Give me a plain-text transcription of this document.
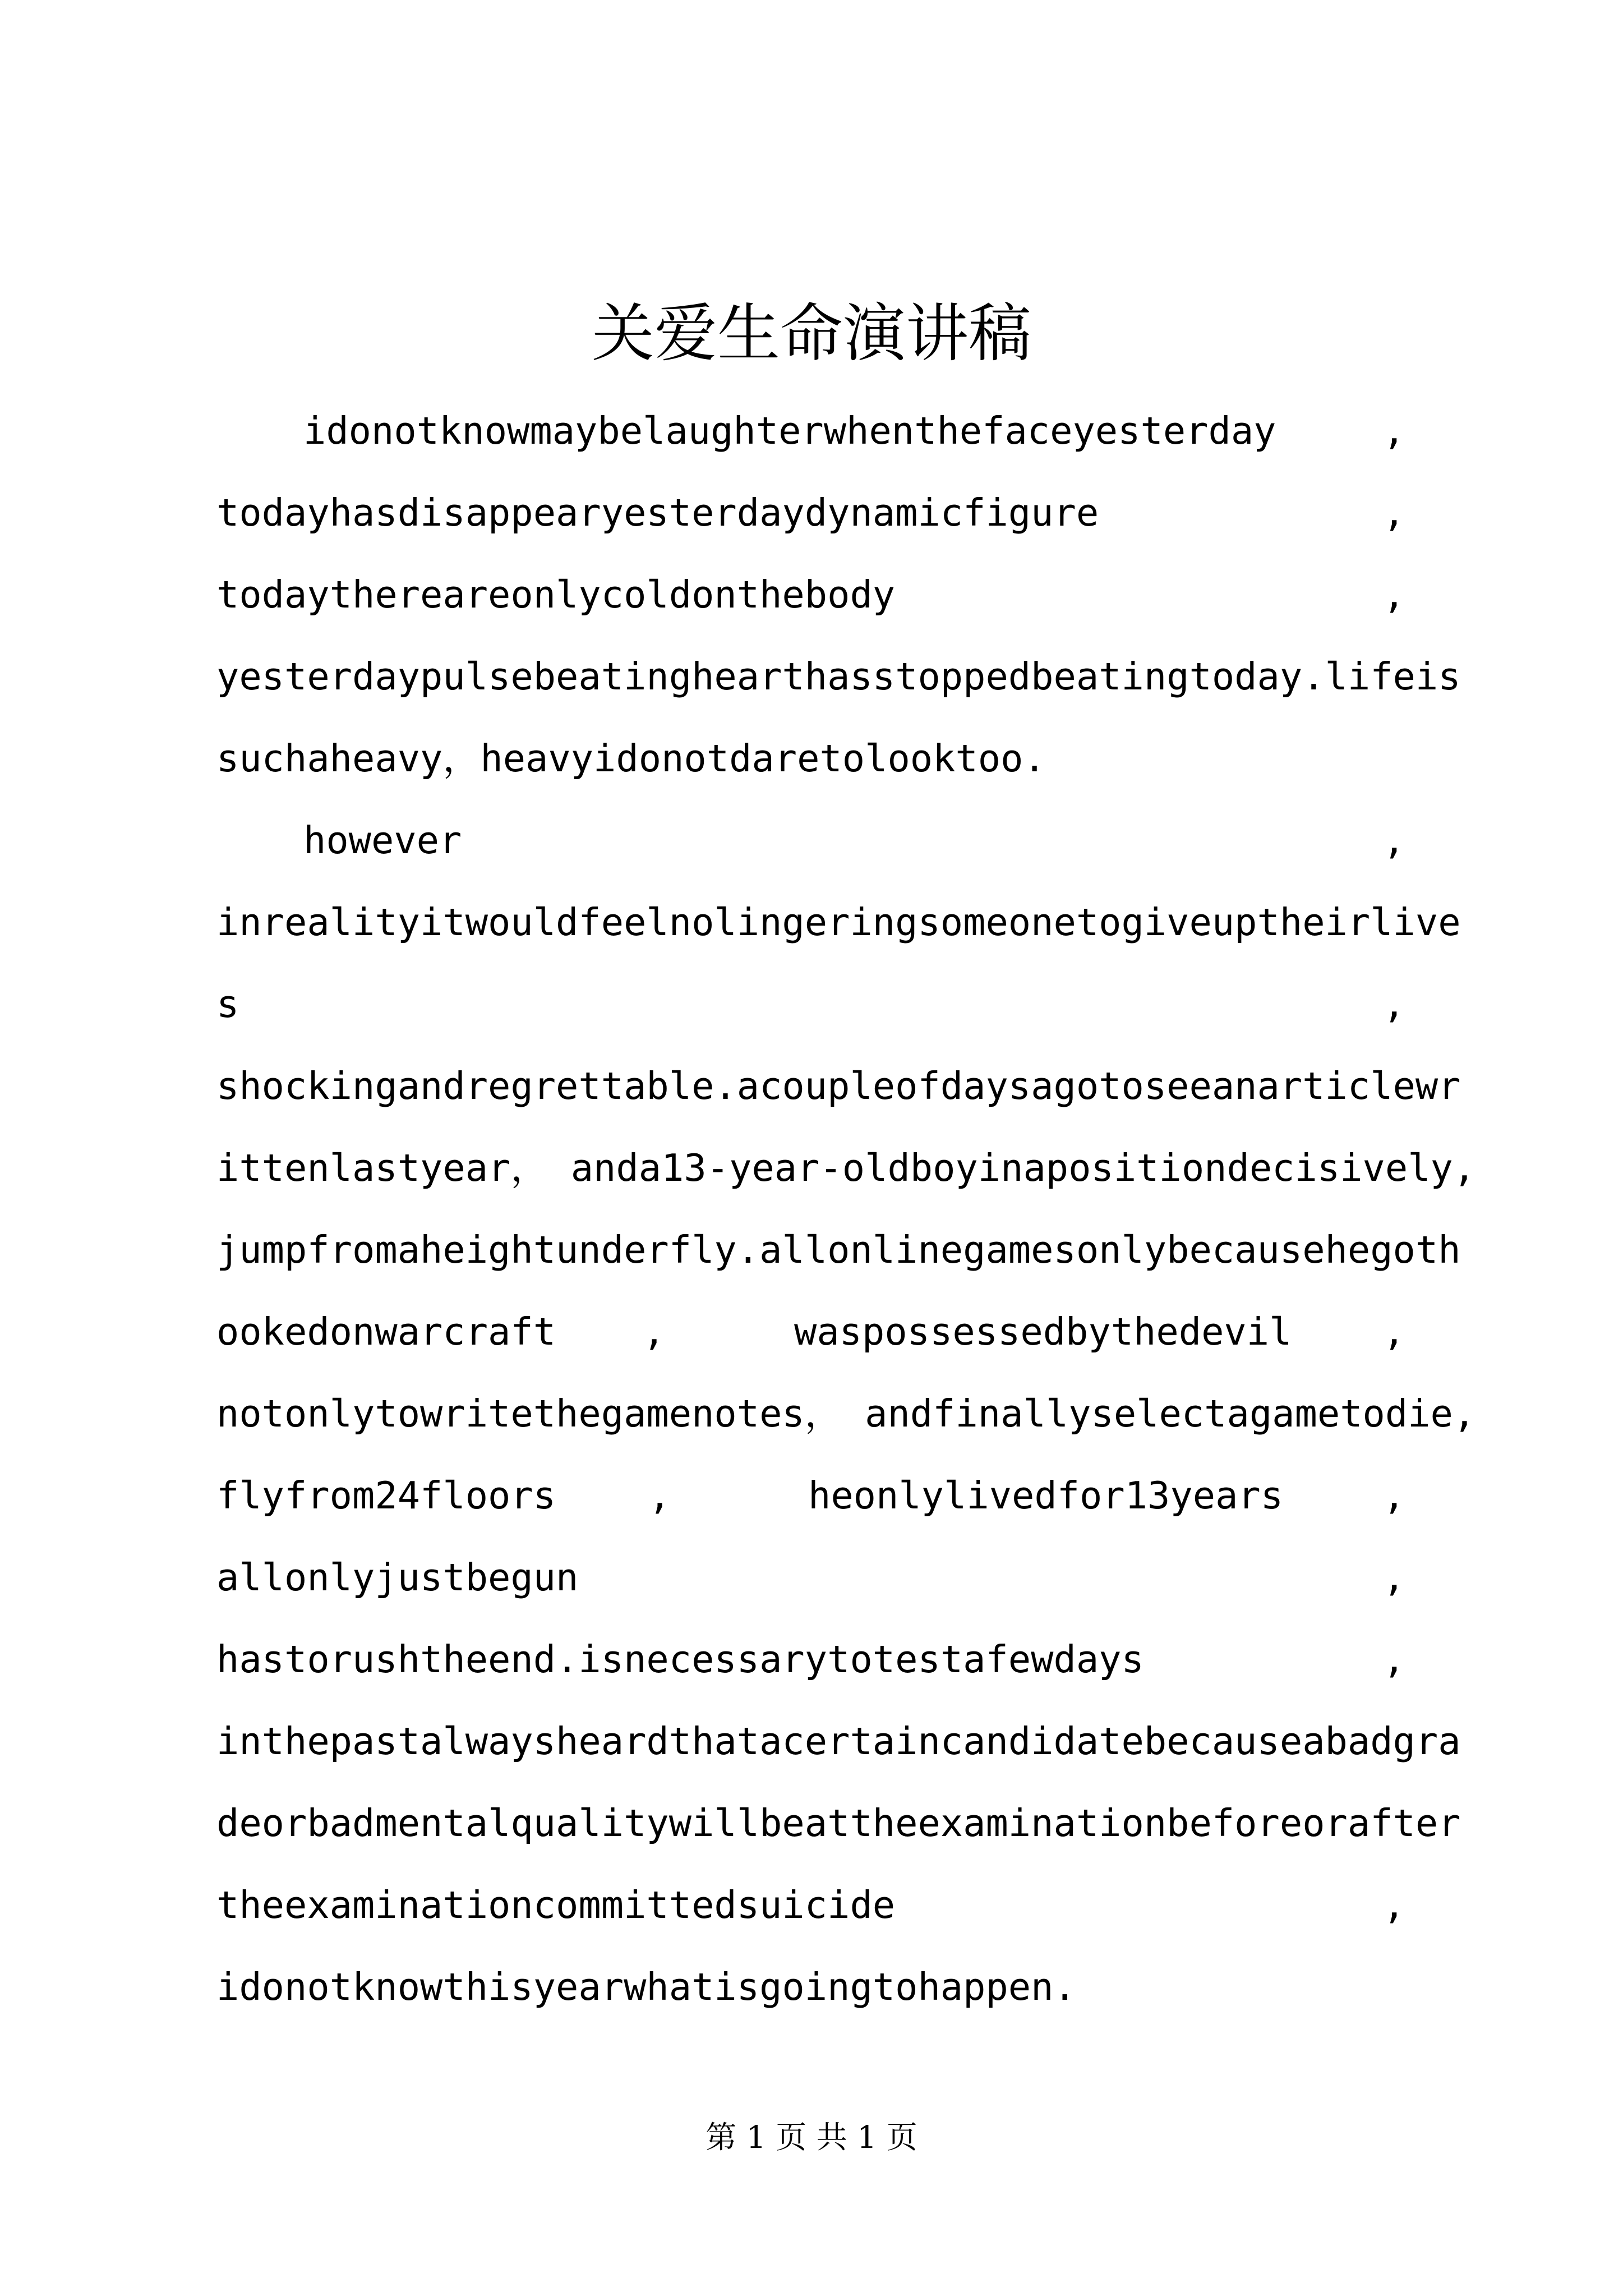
关爱生命演讲稿
idonotknowmaybelaughterwhenthefaceyesterday	,
todayhasdisappearyesterdaydynamicfigure	,
todaythereareonlycoldonthebody	,
yesterdaypulsebeatinghearthasstoppedbeatingtoday.lifeis
suchaheavy，heavyidonotdaretolooktoo.
however	,
inrealityitwouldfeelnolingeringsomeonetogiveuptheirlive
s	,
shockingandregrettable.acoupleofdaysagotoseeanarticlewr
ittenlastyear， anda13-year-oldboyinapositiondecisively,
jumpfromaheightunderfly.allonlinegamesonlybecausehegoth
ookedonwarcraft ,	waspossessedbythedevil ,
notonlytowritethegamenotes， andfinallyselectagametodie,
flyfrom24floors ,	heonlylivedfor13years	,
allonlyjustbegun	,
hastorushtheend.isnecessarytotestafewdays	,
inthepastalwaysheardthatacertaincandidatebecauseabadgra
deorbadmentalqualitywillbeattheexaminationbeforeorafter
theexaminationcommittedsuicide	,
idonotknowthisyearwhatisgoingtohappen.
第 1 页 共 1 页
